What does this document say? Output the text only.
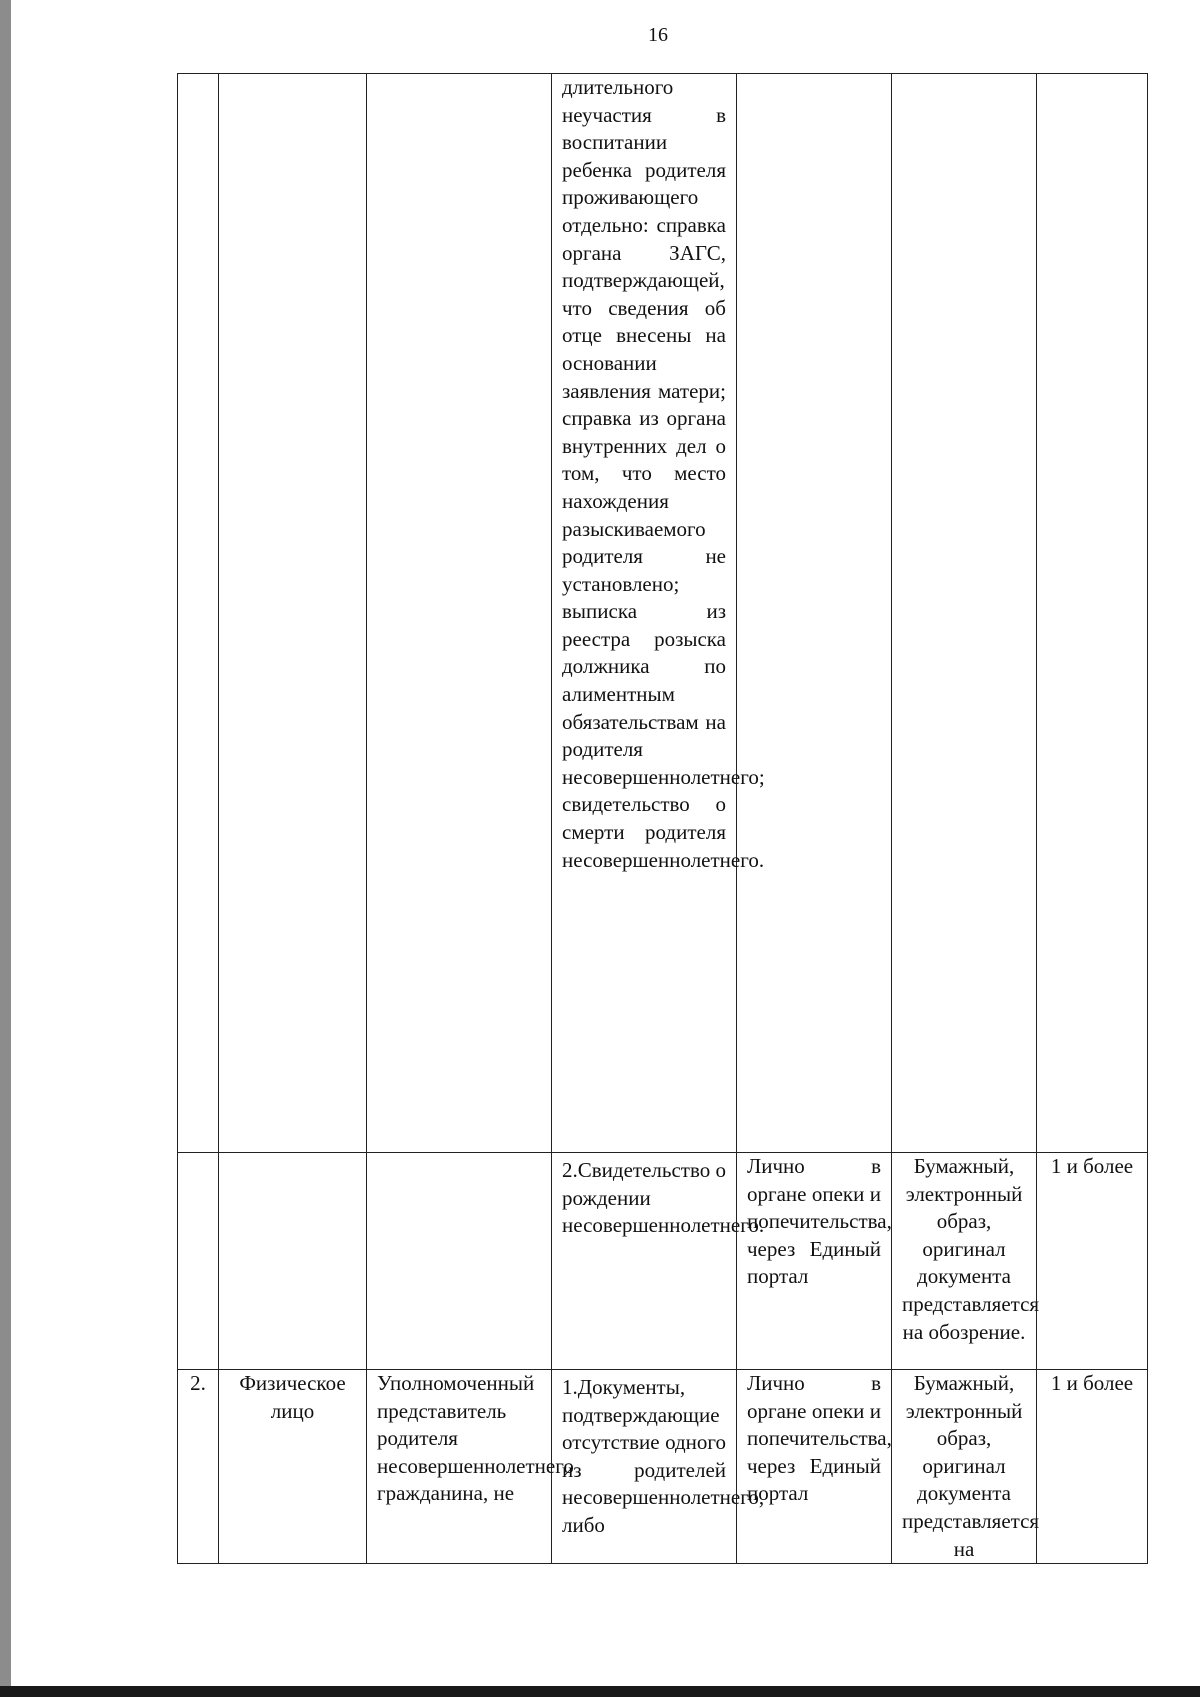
16
			длительного неучастия в воспитании ребенка родителя проживающего отдельно: справка органа ЗАГС, подтверждающей, что сведения об отце внесены на основании заявления матери; справка из органа внутренних дел о том, что место нахождения разыскиваемого родителя не установлено; выписка из реестра розыска должника по алиментным обязательствам на родителя несовершеннолетнего; свидетельство о смерти родителя несовершеннолетнего.			
			2.Свидетельство о рождении несовершеннолетнего.	Лично в органе опеки и попечительства, через Единый портал	Бумажный, электронный образ, оригинал документа представляется на обозрение.	1 и более
2.	Физическое лицо	Уполномоченный представитель родителя несовершеннолетнего гражданина, не	1.Документы, подтверждающие отсутствие одного из родителей несовершеннолетнего, либо	Лично в органе опеки и попечительства, через Единый портал	Бумажный, электронный образ, оригинал документа представляется на	1 и более
